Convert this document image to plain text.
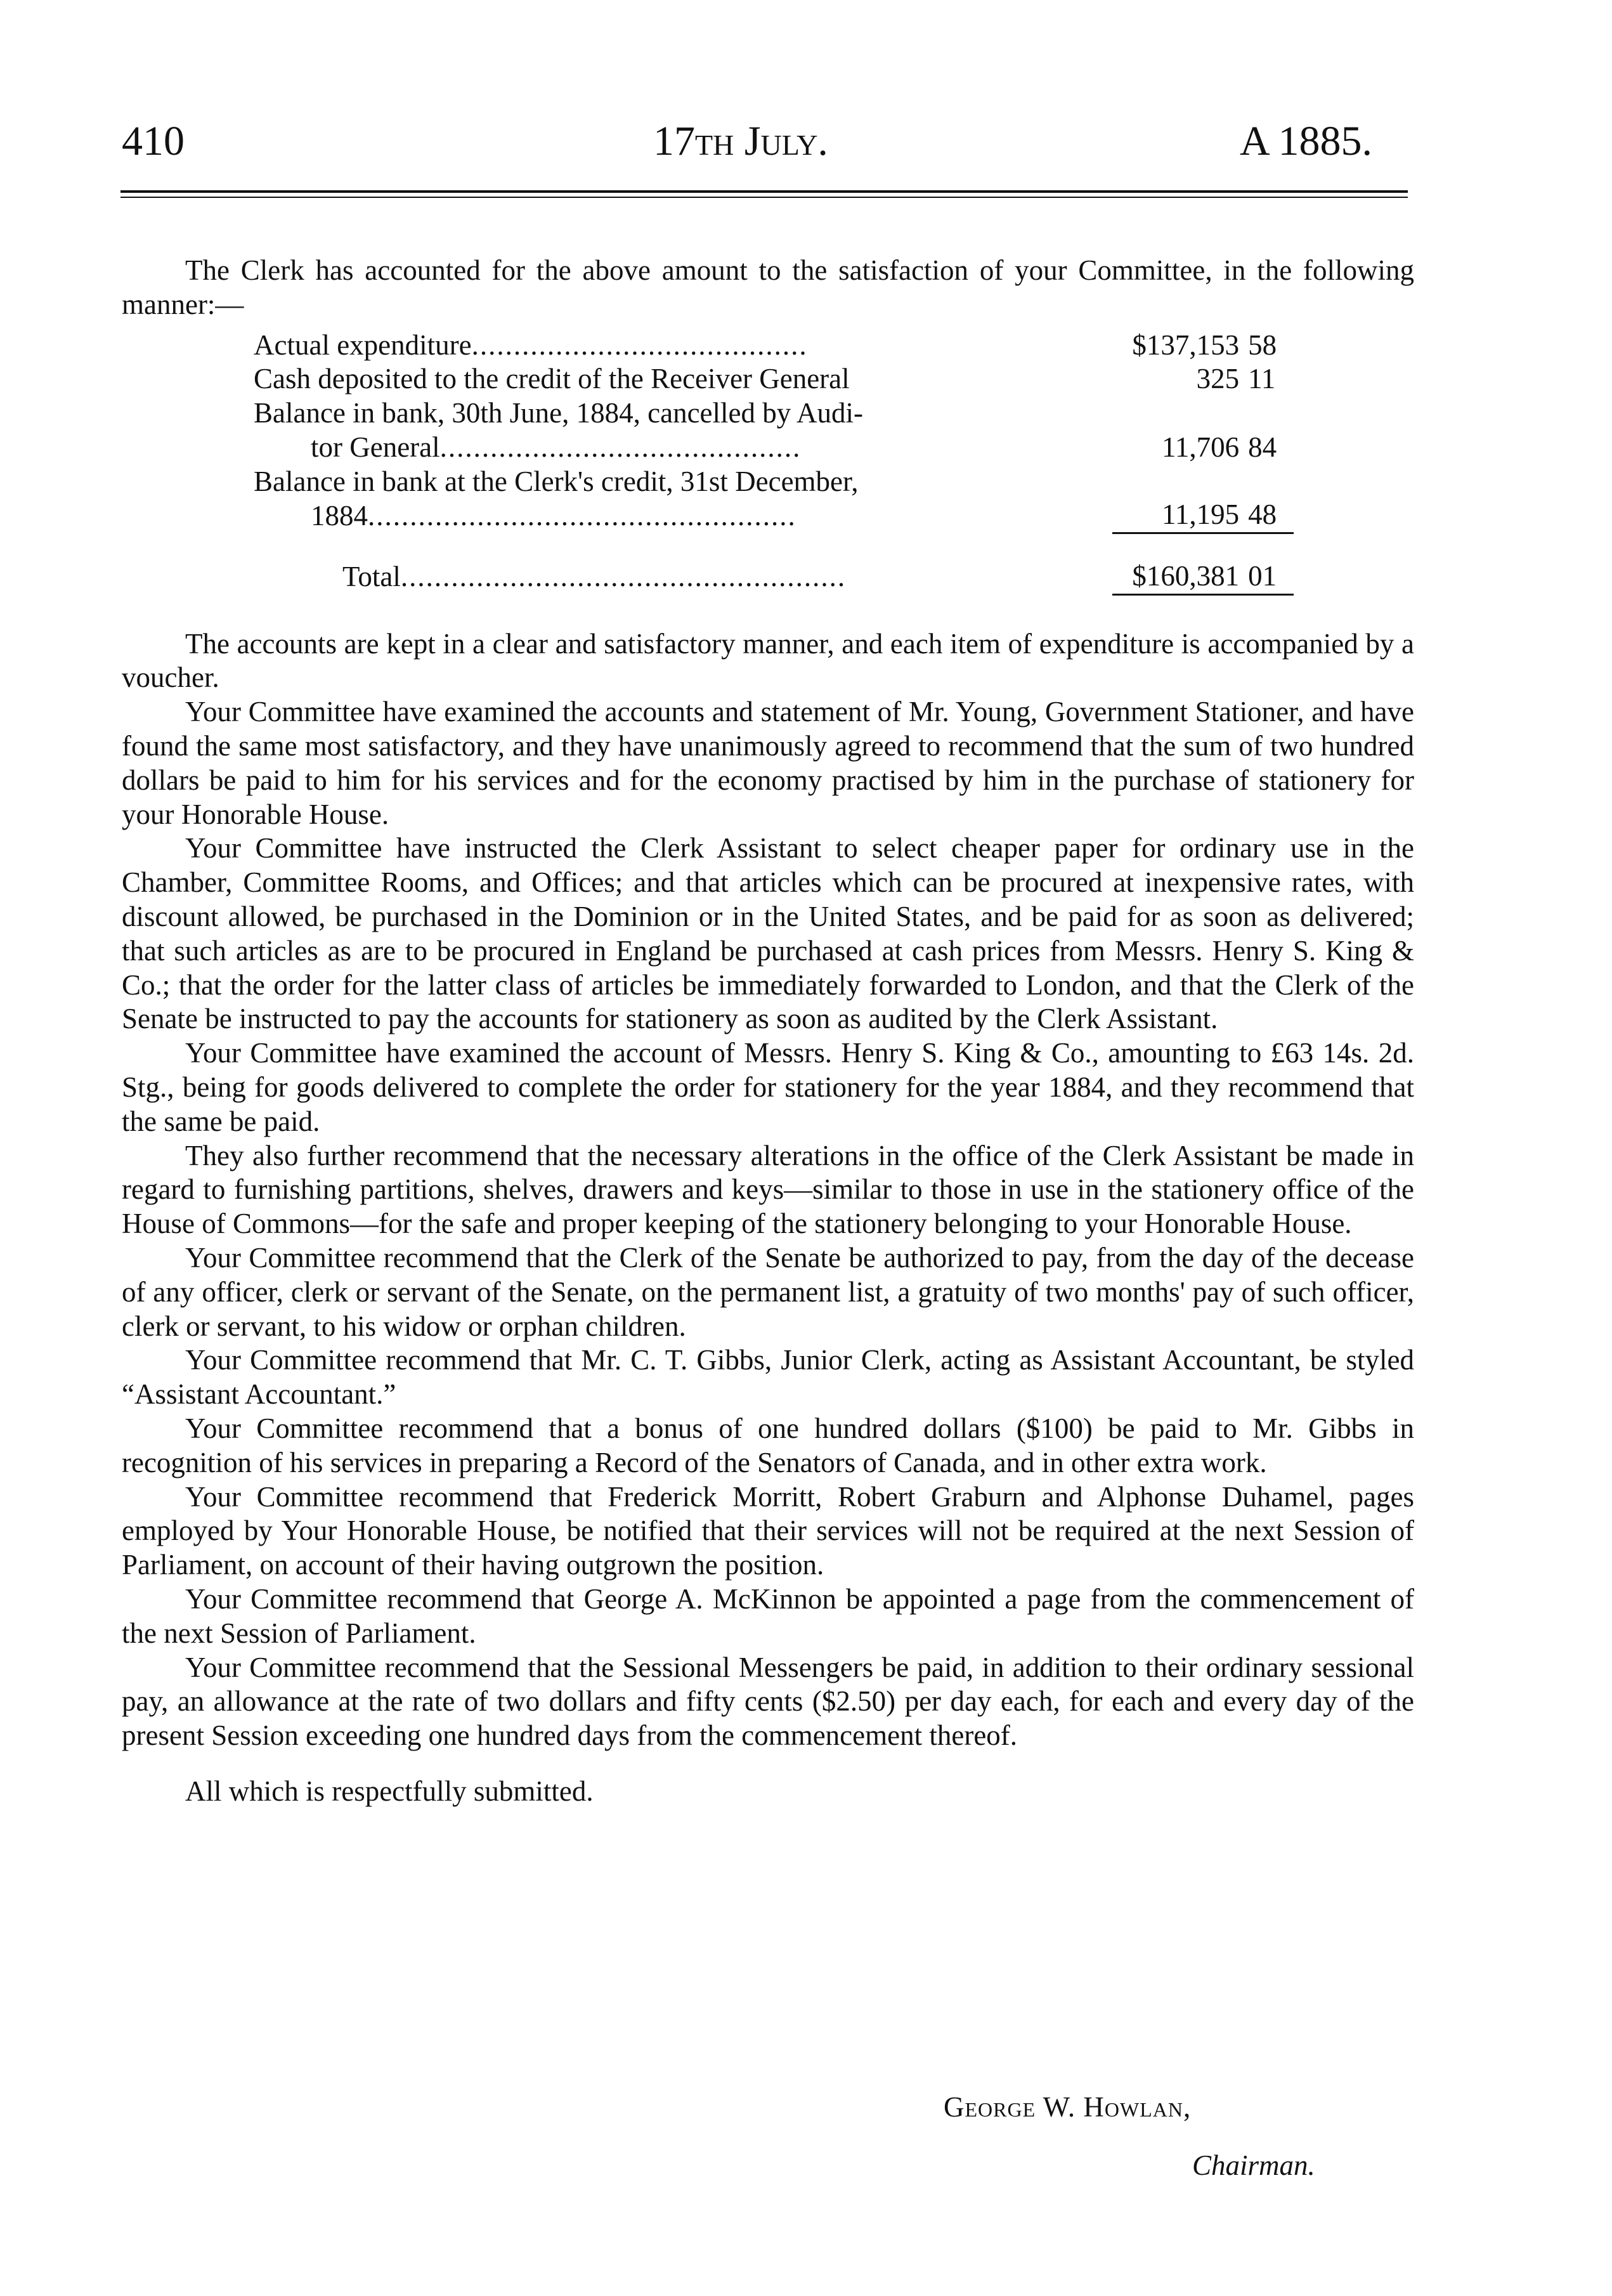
410	17th July.	A 1885.

The Clerk has accounted for the above amount to the satisfaction of your Committee, in the following manner:—

Actual expenditure........................................	$137,153	58
Cash deposited to the credit of the Receiver General	325	11
Balance in bank, 30th June, 1884, cancelled by Audi-
tor General...........................................	11,706	84
Balance in bank at the Clerk's credit, 31st December,
1884...................................................	11,195	48
Total.....................................................	$160,381	01

The accounts are kept in a clear and satisfactory manner, and each item of expenditure is accompanied by a voucher.

Your Committee have examined the accounts and statement of Mr. Young, Government Stationer, and have found the same most satisfactory, and they have unanimously agreed to recommend that the sum of two hundred dollars be paid to him for his services and for the economy practised by him in the purchase of stationery for your Honorable House.

Your Committee have instructed the Clerk Assistant to select cheaper paper for ordinary use in the Chamber, Committee Rooms, and Offices; and that articles which can be procured at inexpensive rates, with discount allowed, be purchased in the Dominion or in the United States, and be paid for as soon as delivered; that such articles as are to be procured in England be purchased at cash prices from Messrs. Henry S. King & Co.; that the order for the latter class of articles be immediately forwarded to London, and that the Clerk of the Senate be instructed to pay the accounts for stationery as soon as audited by the Clerk Assistant.

Your Committee have examined the account of Messrs. Henry S. King & Co., amounting to £63 14s. 2d. Stg., being for goods delivered to complete the order for stationery for the year 1884, and they recommend that the same be paid.

They also further recommend that the necessary alterations in the office of the Clerk Assistant be made in regard to furnishing partitions, shelves, drawers and keys—similar to those in use in the stationery office of the House of Commons—for the safe and proper keeping of the stationery belonging to your Honorable House.

Your Committee recommend that the Clerk of the Senate be authorized to pay, from the day of the decease of any officer, clerk or servant of the Senate, on the permanent list, a gratuity of two months' pay of such officer, clerk or servant, to his widow or orphan children.

Your Committee recommend that Mr. C. T. Gibbs, Junior Clerk, acting as Assistant Accountant, be styled “Assistant Accountant.”

Your Committee recommend that a bonus of one hundred dollars ($100) be paid to Mr. Gibbs in recognition of his services in preparing a Record of the Senators of Canada, and in other extra work.

Your Committee recommend that Frederick Morritt, Robert Graburn and Alphonse Duhamel, pages employed by Your Honorable House, be notified that their services will not be required at the next Session of Parliament, on account of their having outgrown the position.

Your Committee recommend that George A. McKinnon be appointed a page from the commencement of the next Session of Parliament.

Your Committee recommend that the Sessional Messengers be paid, in addition to their ordinary sessional pay, an allowance at the rate of two dollars and fifty cents ($2.50) per day each, for each and every day of the present Session exceeding one hundred days from the commencement thereof.

All which is respectfully submitted.

George W. Howlan,
Chairman.
